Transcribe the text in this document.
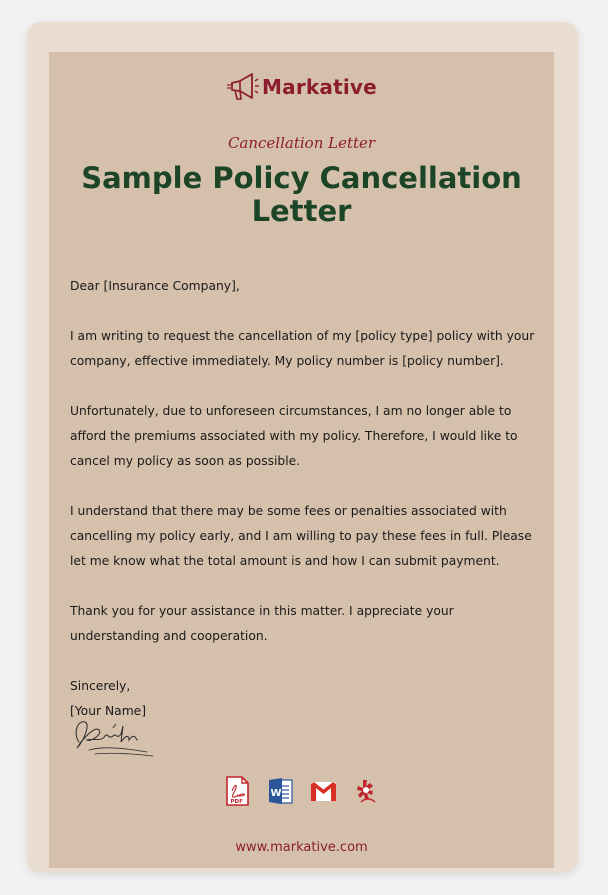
Markative
Cancellation Letter
Sample Policy Cancellation Letter

Dear [Insurance Company],

I am writing to request the cancellation of my [policy type] policy with your company, effective immediately. My policy number is [policy number].

Unfortunately, due to unforeseen circumstances, I am no longer able to afford the premiums associated with my policy. Therefore, I would like to cancel my policy as soon as possible.

I understand that there may be some fees or penalties associated with cancelling my policy early, and I am willing to pay these fees in full. Please let me know what the total amount is and how I can submit payment.

Thank you for your assistance in this matter. I appreciate your understanding and cooperation.

Sincerely,
[Your Name]

PDF
W
www.markative.com
